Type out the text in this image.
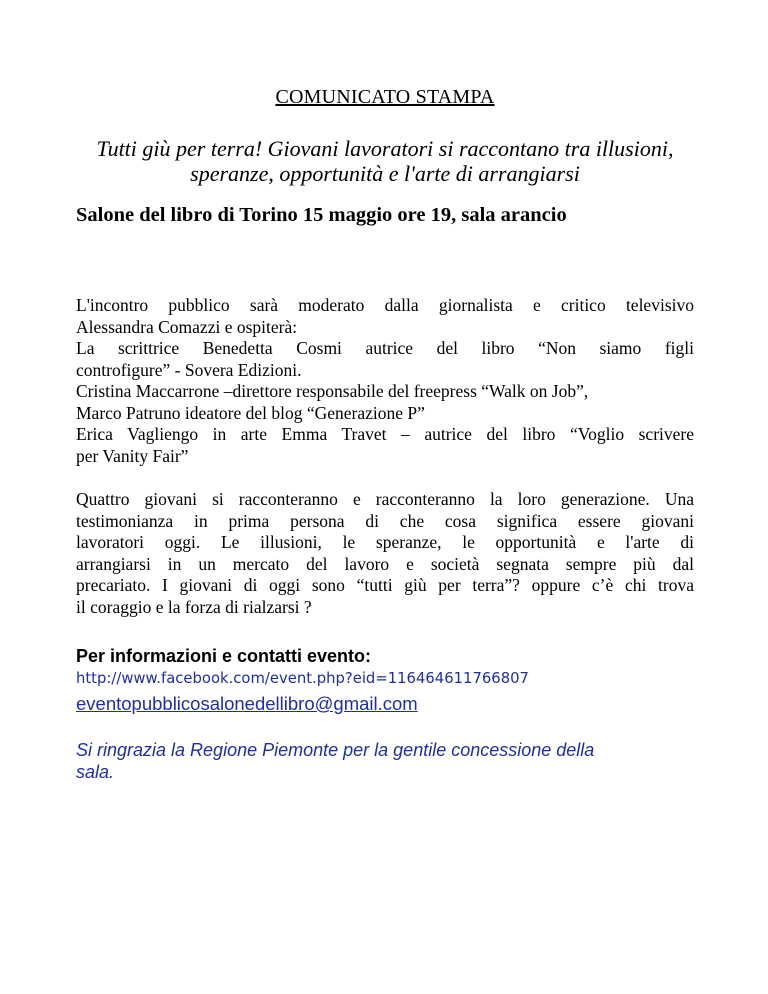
COMUNICATO STAMPA
Tutti giù per terra! Giovani lavoratori si raccontano tra illusioni,
speranze, opportunità e l'arte di arrangiarsi
Salone del libro di Torino 15 maggio ore 19, sala arancio
L'incontro pubblico sarà moderato dalla giornalista e critico televisivo
Alessandra Comazzi e ospiterà:
La scrittrice Benedetta Cosmi autrice del libro “Non siamo figli
controfigure” - Sovera Edizioni.
Cristina Maccarrone –direttore responsabile del freepress “Walk on Job”,
Marco Patruno ideatore del blog “Generazione P”
Erica Vagliengo in arte Emma Travet – autrice del libro “Voglio scrivere
per Vanity Fair”
Quattro giovani si racconteranno e racconteranno la loro generazione. Una
testimonianza in prima persona di che cosa significa essere giovani
lavoratori oggi. Le illusioni, le speranze, le opportunità e l'arte di
arrangiarsi in un mercato del lavoro e società segnata sempre più dal
precariato. I giovani di oggi sono “tutti giù per terra”? oppure c’è chi trova
il coraggio e la forza di rialzarsi ?
Per informazioni e contatti evento:
http://www.facebook.com/event.php?eid=116464611766807
eventopubblicosalonedellibro@gmail.com
Si ringrazia la Regione Piemonte per la gentile concessione della
sala.
